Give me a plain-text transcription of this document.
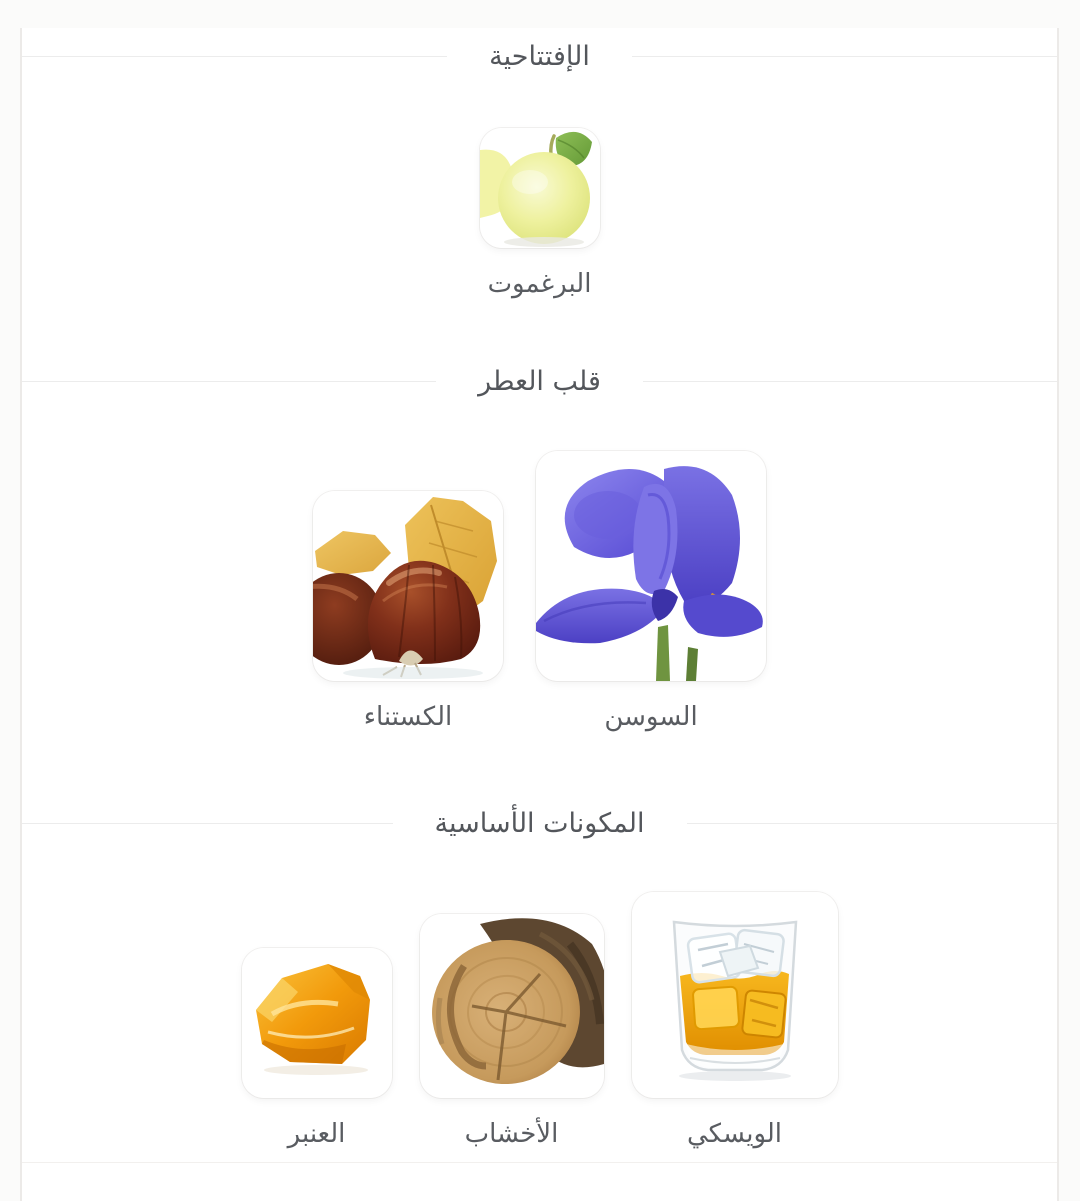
الإفتتاحية
البرغموت
قلب العطر
السوسن
الكستناء
المكونات الأساسية
الويسكي
الأخشاب
العنبر
